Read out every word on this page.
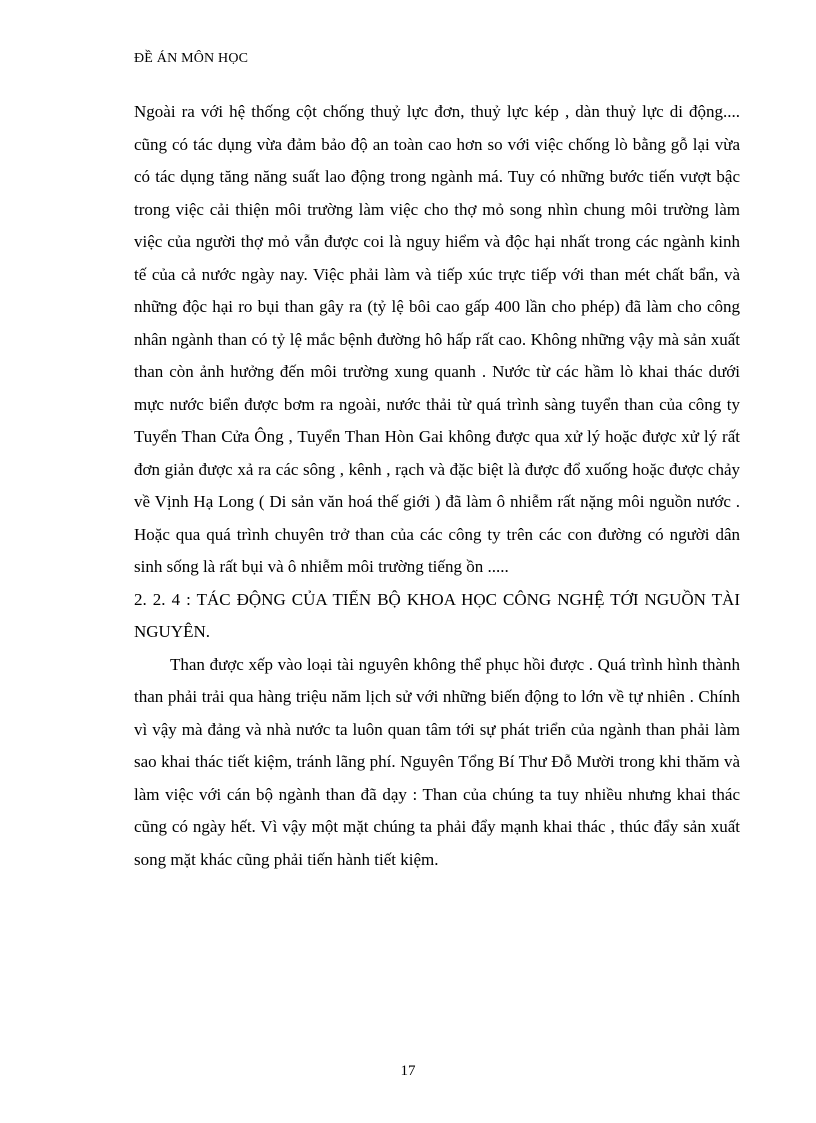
ĐỀ ÁN MÔN HỌC

Ngoài ra với hệ thống cột chống thuỷ lực đơn, thuỷ lực kép , dàn thuỷ lực di động.... cũng có tác dụng vừa đảm bảo độ an toàn cao hơn so với việc chống lò bằng gỗ lại vừa có tác dụng tăng năng suất lao động trong ngành má. Tuy có những bước tiến vượt bậc trong việc cải thiện môi trường làm việc cho thợ mỏ song nhìn chung môi trường làm việc của người thợ mỏ vẫn được coi là nguy hiểm và độc hại nhất trong các ngành kinh tế của cả nước ngày nay. Việc phải làm và tiếp xúc trực tiếp với than mét chất bẩn, và những độc hại ro bụi than gây ra (tỷ lệ bôi cao gấp 400 lần cho phép) đã làm cho công nhân ngành than có tỷ lệ mắc bệnh đường hô hấp rất cao. Không những vậy mà sản xuất than còn ảnh hưởng đến môi trường xung quanh . Nước từ các hầm lò khai thác dưới mực nước biển được bơm ra ngoài, nước thải từ quá trình sàng tuyển than của công ty Tuyển Than Cửa Ông , Tuyển Than Hòn Gai không được qua xử lý hoặc được xử lý rất đơn giản được xả ra các sông , kênh , rạch và đặc biệt là được đổ xuống hoặc được chảy về Vịnh Hạ Long ( Di sản văn hoá thế giới ) đã làm ô nhiễm rất nặng môi nguồn nước . Hoặc qua quá trình chuyên trở than của các công ty trên các con đường có người dân sinh sống là rất bụi và ô nhiễm môi trường tiếng ồn .....

2. 2. 4 : TÁC ĐỘNG CỦA TIẾN BỘ KHOA HỌC CÔNG NGHỆ TỚI NGUỒN TÀI NGUYÊN.

Than được xếp vào loại tài nguyên không thể phục hồi được . Quá trình hình thành than phải trải qua hàng triệu năm lịch sử với những biến động to lớn về tự nhiên . Chính vì vậy mà đảng và nhà nước ta luôn quan tâm tới sự phát triển của ngành than phải làm sao khai thác tiết kiệm, tránh lãng phí. Nguyên Tổng Bí Thư Đỗ Mười trong khi thăm và làm việc với cán bộ ngành than đã dạy : Than của chúng ta tuy nhiều nhưng khai thác cũng có ngày hết. Vì vậy một mặt chúng ta phải đẩy mạnh khai thác , thúc đẩy sản xuất song mặt khác cũng phải tiến hành tiết kiệm.

17
